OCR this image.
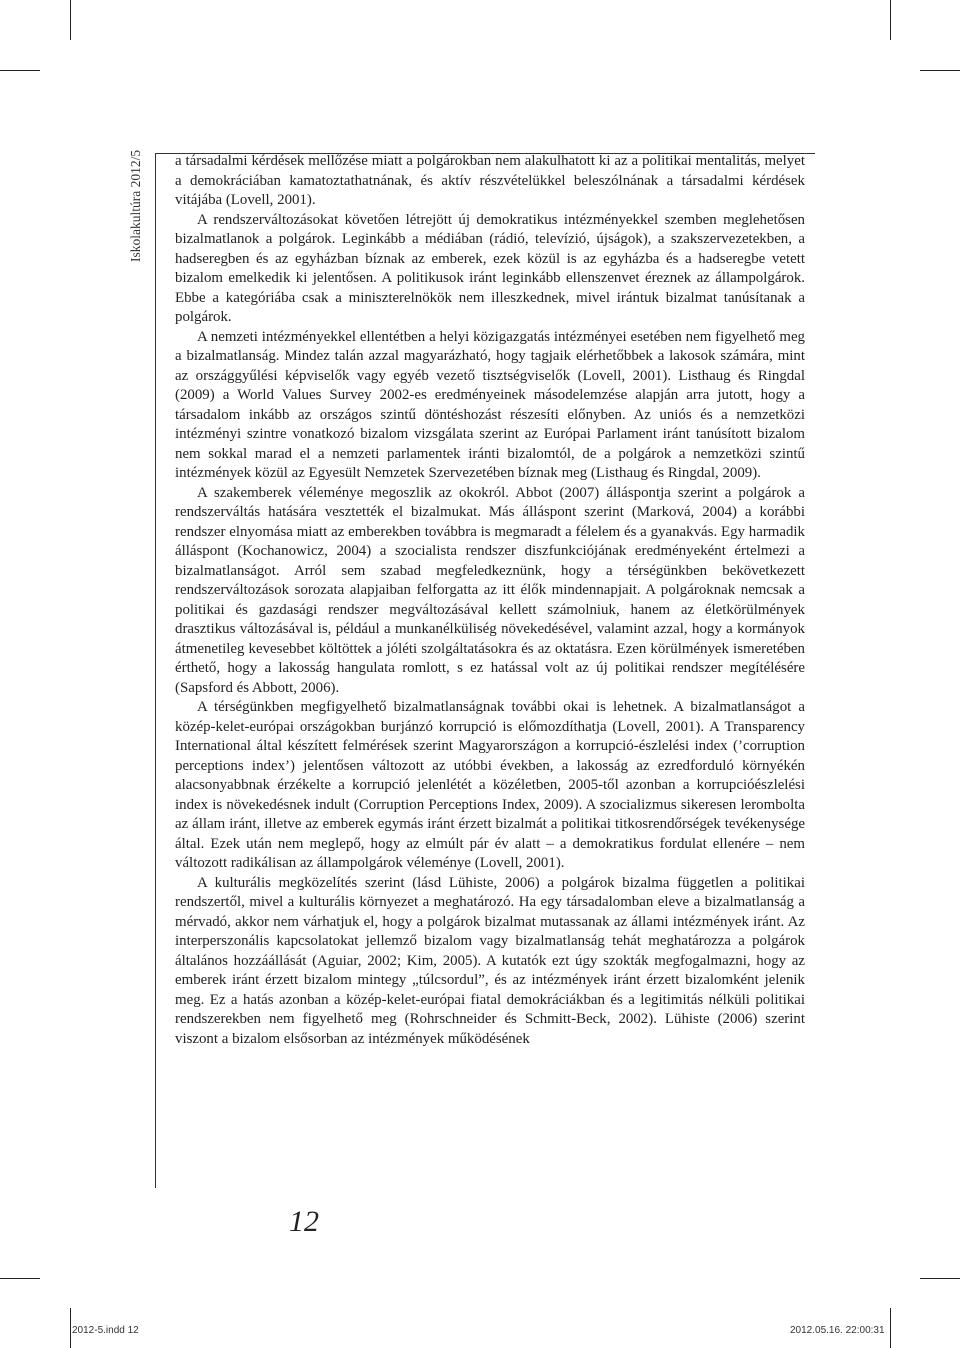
Iskolakultúra 2012/5 a társadalmi kérdések mellőzése miatt a polgárokban nem alakulhatott ki az a politikai mentalitás, melyet a demokráciában kamatoztathatnának, és aktív részvételükkel beleszólnának a társadalmi kérdések vitájába (Lovell, 2001).

A rendszerváltozásokat követően létrejött új demokratikus intézményekkel szemben meglehetősen bizalmatlanok a polgárok. Leginkább a médiában (rádió, televízió, újságok), a szakszervezetekben, a hadseregben és az egyházban bíznak az emberek, ezek közül is az egyházba és a hadseregbe vetett bizalom emelkedik ki jelentősen. A politikusok iránt leginkább ellenszenvet éreznek az állampolgárok. Ebbe a kategóriába csak a miniszterelnökök nem illeszkednek, mivel irántuk bizalmat tanúsítanak a polgárok.

A nemzeti intézményekkel ellentétben a helyi közigazgatás intézményei esetében nem figyelhető meg a bizalmatlanság. Mindez talán azzal magyarázható, hogy tagjaik elérhetőbbek a lakosok számára, mint az országgyűlési képviselők vagy egyéb vezető tisztségviselők (Lovell, 2001). Listhaug és Ringdal (2009) a World Values Survey 2002-es eredményeinek másodelemzése alapján arra jutott, hogy a társadalom inkább az országos szintű döntéshozást részesíti előnyben. Az uniós és a nemzetközi intézményi szintre vonatkozó bizalom vizsgálata szerint az Európai Parlament iránt tanúsított bizalom nem sokkal marad el a nemzeti parlamentek iránti bizalomtól, de a polgárok a nemzetközi szintű intézmények közül az Egyesült Nemzetek Szervezetében bíznak meg (Listhaug és Ringdal, 2009).

A szakemberek véleménye megoszlik az okokról. Abbot (2007) álláspontja szerint a polgárok a rendszerváltás hatására vesztették el bizalmukat. Más álláspont szerint (Marková, 2004) a korábbi rendszer elnyomása miatt az emberekben továbbra is megmaradt a félelem és a gyanakvás. Egy harmadik álláspont (Kochanowicz, 2004) a szocialista rendszer diszfunkciójának eredményeként értelmezi a bizalmatlanságot. Arról sem szabad megfeledkeznünk, hogy a térségünkben bekövetkezett rendszerváltozások sorozata alapjaiban felforgatta az itt élők mindennapjait. A polgároknak nemcsak a politikai és gazdasági rendszer megváltozásával kellett számolniuk, hanem az életkörülmények drasztikus változásával is, például a munkanélküliség növekedésével, valamint azzal, hogy a kormányok átmenetileg kevesebbet költöttek a jóléti szolgáltatásokra és az oktatásra. Ezen körülmények ismeretében érthető, hogy a lakosság hangulata romlott, s ez hatással volt az új politikai rendszer megítélésére (Sapsford és Abbott, 2006).

A térségünkben megfigyelhető bizalmatlanságnak további okai is lehetnek. A bizalmatlanságot a közép-kelet-európai országokban burjánzó korrupció is előmozdíthatja (Lovell, 2001). A Transparency International által készített felmérések szerint Magyarországon a korrupció-észlelési index (’corruption perceptions index’) jelentősen változott az utóbbi években, a lakosság az ezredforduló környékén alacsonyabbnak érzékelte a korrupció jelenlétét a közéletben, 2005-től azonban a korrupcióészlelési index is növekedésnek indult (Corruption Perceptions Index, 2009). A szocializmus sikeresen lerombolta az állam iránt, illetve az emberek egymás iránt érzett bizalmát a politikai titkosrendőrségek tevékenysége által. Ezek után nem meglepő, hogy az elmúlt pár év alatt – a demokratikus fordulat ellenére – nem változott radikálisan az állampolgárok véleménye (Lovell, 2001).

A kulturális megközelítés szerint (lásd Lühiste, 2006) a polgárok bizalma független a politikai rendszertől, mivel a kulturális környezet a meghatározó. Ha egy társadalomban eleve a bizalmatlanság a mérvadó, akkor nem várhatjuk el, hogy a polgárok bizalmat mutassanak az állami intézmények iránt. Az interperszonális kapcsolatokat jellemző bizalom vagy bizalmatlanság tehát meghatározza a polgárok általános hozzáállását (Aguiar, 2002; Kim, 2005). A kutatók ezt úgy szokták megfogalmazni, hogy az emberek iránt érzett bizalom mintegy „túlcsordul”, és az intézmények iránt érzett bizalomként jelenik meg. Ez a hatás azonban a közép-kelet-európai fiatal demokráciákban és a legitimitás nélküli politikai rendszerekben nem figyelhető meg (Rohrschneider és Schmitt-Beck, 2002). Lühiste (2006) szerint viszont a bizalom elsősorban az intézmények működésének

12
2012-5.indd 12	2012.05.16. 22:00:31
